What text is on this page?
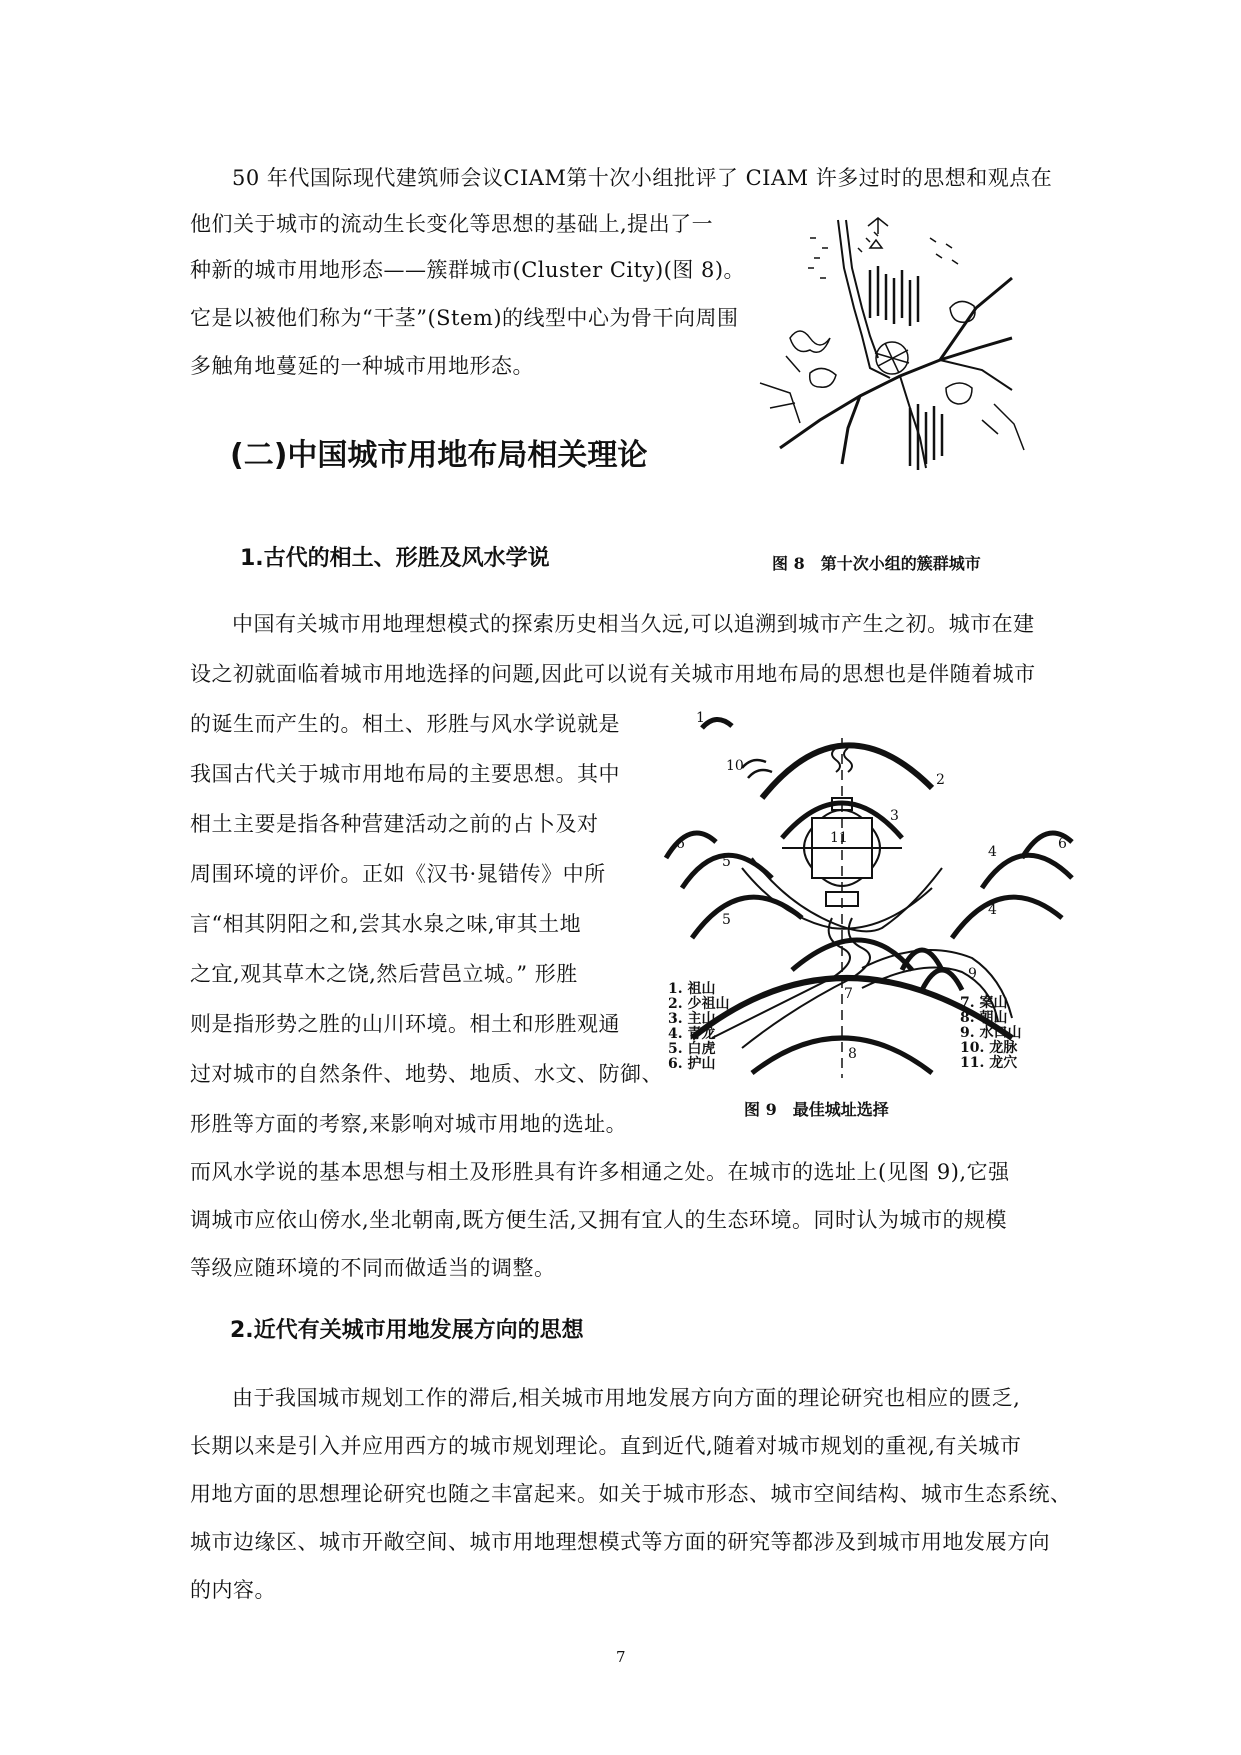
50 年代国际现代建筑师会议CIAM第十次小组批评了 CIAM 许多过时的思想和观点在
他们关于城市的流动生长变化等思想的基础上,提出了一
种新的城市用地形态——簇群城市(Cluster City)(图 8)。
它是以被他们称为“干茎”(Stem)的线型中心为骨干向周围
多触角地蔓延的一种城市用地形态。
图 8　第十次小组的簇群城市
(二)中国城市用地布局相关理论
1.古代的相土、形胜及风水学说
中国有关城市用地理想模式的探索历史相当久远,可以追溯到城市产生之初。城市在建
设之初就面临着城市用地选择的问题,因此可以说有关城市用地布局的思想也是伴随着城市
的诞生而产生的。相土、形胜与风水学说就是
我国古代关于城市用地布局的主要思想。其中
相土主要是指各种营建活动之前的占卜及对
周围环境的评价。正如《汉书·晁错传》中所
言“相其阴阳之和,尝其水泉之味,审其土地
之宜,观其草木之饶,然后营邑立城。” 形胜
则是指形势之胜的山川环境。相土和形胜观通
过对城市的自然条件、地势、地质、水文、防御、
形胜等方面的考察,来影响对城市用地的选址。
而风水学说的基本思想与相土及形胜具有许多相通之处。在城市的选址上(见图 9),它强
调城市应依山傍水,坐北朝南,既方便生活,又拥有宜人的生态环境。同时认为城市的规模
等级应随环境的不同而做适当的调整。
1
2
3
4
4
5
5
6	6
7
8
9
10
11
1. 祖山
2. 少祖山
3. 主山
4. 青龙
5. 白虎
6. 护山
7. 案山
8. 朝山
9. 水口山
10. 龙脉
11. 龙穴
图 9　最佳城址选择
2.近代有关城市用地发展方向的思想
由于我国城市规划工作的滞后,相关城市用地发展方向方面的理论研究也相应的匮乏,
长期以来是引入并应用西方的城市规划理论。直到近代,随着对城市规划的重视,有关城市
用地方面的思想理论研究也随之丰富起来。如关于城市形态、城市空间结构、城市生态系统、
城市边缘区、城市开敞空间、城市用地理想模式等方面的研究等都涉及到城市用地发展方向
的内容。
7
